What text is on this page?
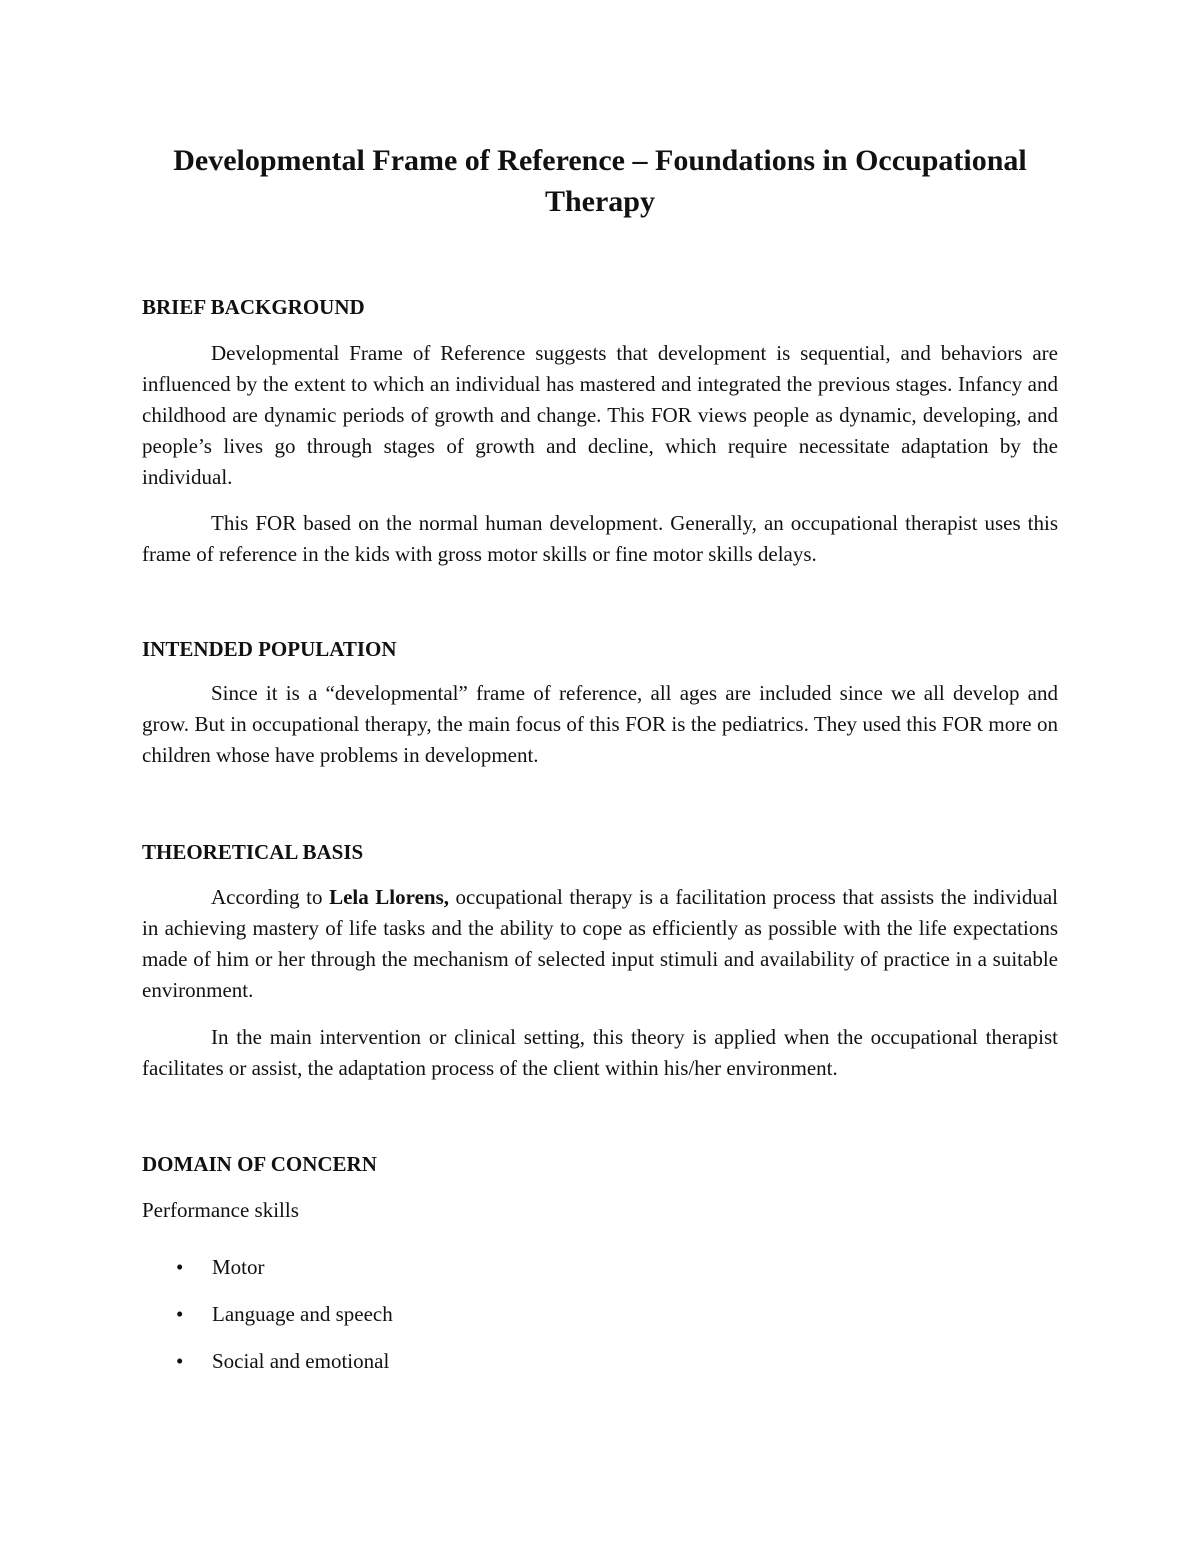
Developmental Frame of Reference – Foundations in Occupational Therapy
BRIEF BACKGROUND

Developmental Frame of Reference suggests that development is sequential, and behaviors are influenced by the extent to which an individual has mastered and integrated the previous stages. Infancy and childhood are dynamic periods of growth and change. This FOR views people as dynamic, developing, and people’s lives go through stages of growth and decline, which require necessitate adaptation by the individual.

This FOR based on the normal human development. Generally, an occupational therapist uses this frame of reference in the kids with gross motor skills or fine motor skills delays.

INTENDED POPULATION

Since it is a “developmental” frame of reference, all ages are included since we all develop and grow. But in occupational therapy, the main focus of this FOR is the pediatrics. They used this FOR more on children whose have problems in development.

THEORETICAL BASIS

According to Lela Llorens, occupational therapy is a facilitation process that assists the individual in achieving mastery of life tasks and the ability to cope as efficiently as possible with the life expectations made of him or her through the mechanism of selected input stimuli and availability of practice in a suitable environment.

In the main intervention or clinical setting, this theory is applied when the occupational therapist facilitates or assist, the adaptation process of the client within his/her environment.

DOMAIN OF CONCERN

Performance skills

• Motor
• Language and speech
• Social and emotional
